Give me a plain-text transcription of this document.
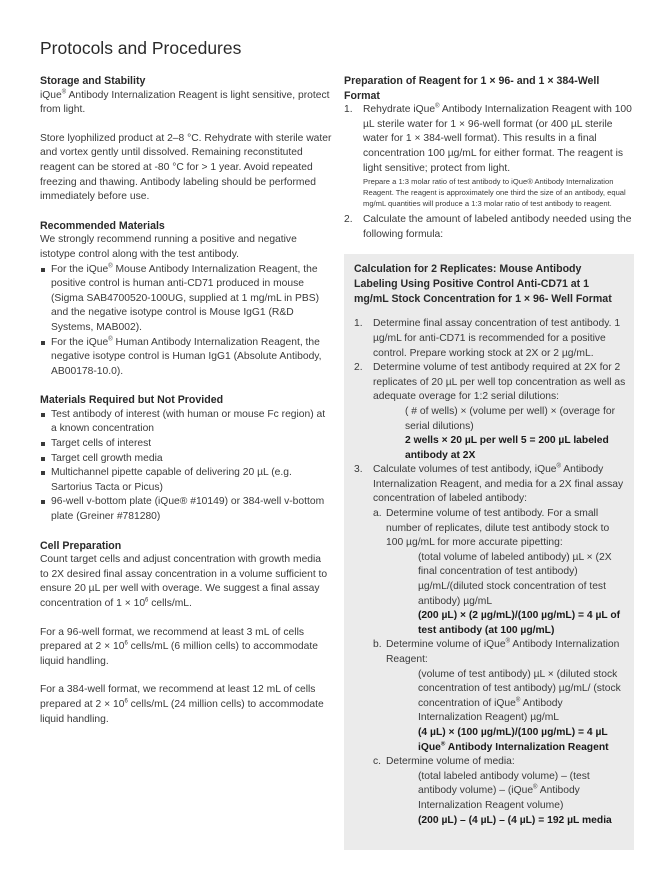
Protocols and Procedures

Storage and Stability

iQue® Antibody Internalization Reagent is light sensitive, protect from light.

Store lyophilized product at 2–8 °C. Rehydrate with sterile water and vortex gently until dissolved. Remaining reconstituted reagent can be stored at -80 °C for > 1 year. Avoid repeated freezing and thawing. Antibody labeling should be performed immediately before use.

Recommended Materials

We strongly recommend running a positive and negative istotype control along with the test antibody.

For the iQue® Mouse Antibody Internalization Reagent, the positive control is human anti-CD71 produced in mouse (Sigma SAB4700520-100UG, supplied at 1 mg/mL in PBS) and the negative isotype control is Mouse IgG1 (R&D Systems, MAB002).
For the iQue® Human Antibody Internalization Reagent, the negative isotype control is Human IgG1 (Absolute Antibody, AB00178-10.0).

Materials Required but Not Provided

Test antibody of interest (with human or mouse Fc region) at a known concentration
Target cells of interest
Target cell growth media
Multichannel pipette capable of delivering 20 µL (e.g. Sartorius Tacta or Picus)
96-well v-bottom plate (iQue® #10149) or 384-well v-bottom plate (Greiner #781280)

Cell Preparation

Count target cells and adjust concentration with growth media to 2X desired final assay concentration in a volume sufficient to ensure 20 µL per well with overage. We suggest a final assay concentration of $1 \times 10^6$ cells/mL.

For a 96-well format, we recommend at least 3 mL of cells prepared at $2 \times 10^6$ cells/mL (6 million cells) to accommodate liquid handling.

For a 384-well format, we recommend at least 12 mL of cells prepared at $2 \times 10^6$ cells/mL (24 million cells) to accommodate liquid handling.

Preparation of Reagent for 1 × 96- and 1 × 384-Well Format

1. Rehydrate iQue® Antibody Internalization Reagent with 100 µL sterile water for 1 × 96-well format (or 400 µL sterile water for 1 × 384-well format). This results in a final concentration 100 µg/mL for either format. The reagent is light sensitive; protect from light.
Prepare a 1:3 molar ratio of test antibody to iQue® Antibody Internalization Reagent. The reagent is approximately one third the size of an antibody, equal mg/mL quantities will produce a 1:3 molar ratio of test antibody to reagent.
2. Calculate the amount of labeled antibody needed using the following formula:

Calculation for 2 Replicates: Mouse Antibody Labeling Using Positive Control Anti-CD71 at 1 mg/mL Stock Concentration for 1 × 96- Well Format

1. Determine final assay concentration of test antibody. 1 µg/mL for anti-CD71 is recommended for a positive control. Prepare working stock at 2X or 2 µg/mL.
2. Determine volume of test antibody required at 2X for 2 replicates of 20 µL per well top concentration as well as adequate overage for 1:2 serial dilutions:
( # of wells) × (volume per well) × (overage for serial dilutions)
2 wells × 20 µL per well 5 = 200 µL labeled antibody at 2X
3. Calculate volumes of test antibody, iQue® Antibody Internalization Reagent, and media for a 2X final assay concentration of labeled antibody:
a. Determine volume of test antibody. For a small number of replicates, dilute test antibody stock to 100 µg/mL for more accurate pipetting:
(total volume of labeled antibody) µL × (2X final concentration of test antibody) µg/mL/(diluted stock concentration of test antibody) µg/mL
(200 µL) × (2 µg/mL)/(100 µg/mL) = 4 µL of test antibody (at 100 µg/mL)
b. Determine volume of iQue® Antibody Internalization Reagent:
(volume of test antibody) µL × (diluted stock concentration of test antibody) µg/mL/ (stock concentration of iQue® Antibody Internalization Reagent) µg/mL
(4 µL) × (100 µg/mL)/(100 µg/mL) = 4 µL iQue® Antibody Internalization Reagent
c. Determine volume of media:
(total labeled antibody volume) – (test antibody volume) – (iQue® Antibody Internalization Reagent volume)
(200 µL) – (4 µL) – (4 µL) = 192 µL media
